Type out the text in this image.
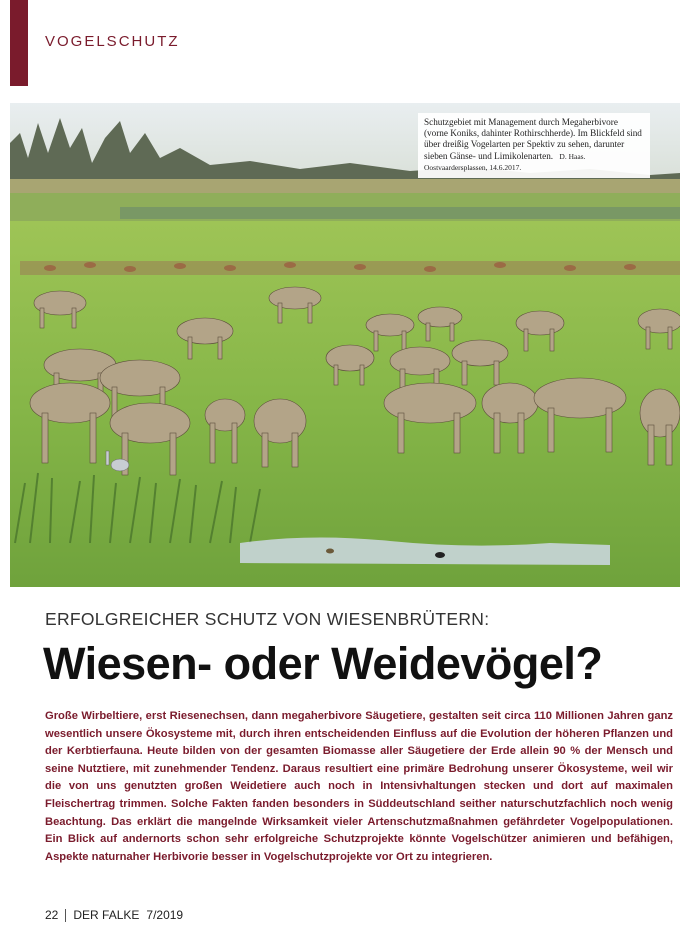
VOGELSCHUTZ
Schutzgebiet mit Management durch Megaherbivore (vorne Koniks, dahinter Rothirschherde). Im Blickfeld sind über dreißig Vogelarten per Spektiv zu sehen, darunter sieben Gänse- und Limikolenarten. D. Haas. Oostvaardersplassen, 14.6.2017.
ERFOLGREICHER SCHUTZ VON WIESENBRÜTERN:
Wiesen- oder Weidevögel?

Große Wirbeltiere, erst Riesenechsen, dann megaherbivore Säugetiere, gestalten seit circa 110 Millionen Jahren ganz wesentlich unsere Ökosysteme mit, durch ihren entscheidenden Einfluss auf die Evolution der höheren Pflanzen und der Kerbtierfauna. Heute bilden von der gesamten Biomasse aller Säugetiere der Erde allein 90 % der Mensch und seine Nutztiere, mit zunehmender Tendenz. Daraus resultiert eine primäre Bedrohung unserer Ökosysteme, weil wir die von uns genutzten großen Weidetiere auch noch in Intensivhaltungen stecken und dort auf maximalen Fleischertrag trimmen. Solche Fakten fanden besonders in Süddeutschland seither naturschutzfachlich noch wenig Beachtung. Das erklärt die mangelnde Wirksamkeit vieler Artenschutzmaßnahmen gefährdeter Vogelpopulationen. Ein Blick auf andernorts schon sehr erfolgreiche Schutzprojekte könnte Vogelschützer animieren und befähigen, Aspekte naturnaher Herbivorie besser in Vogelschutzprojekte vor Ort zu integrieren.

22 DER FALKE 7/2019
